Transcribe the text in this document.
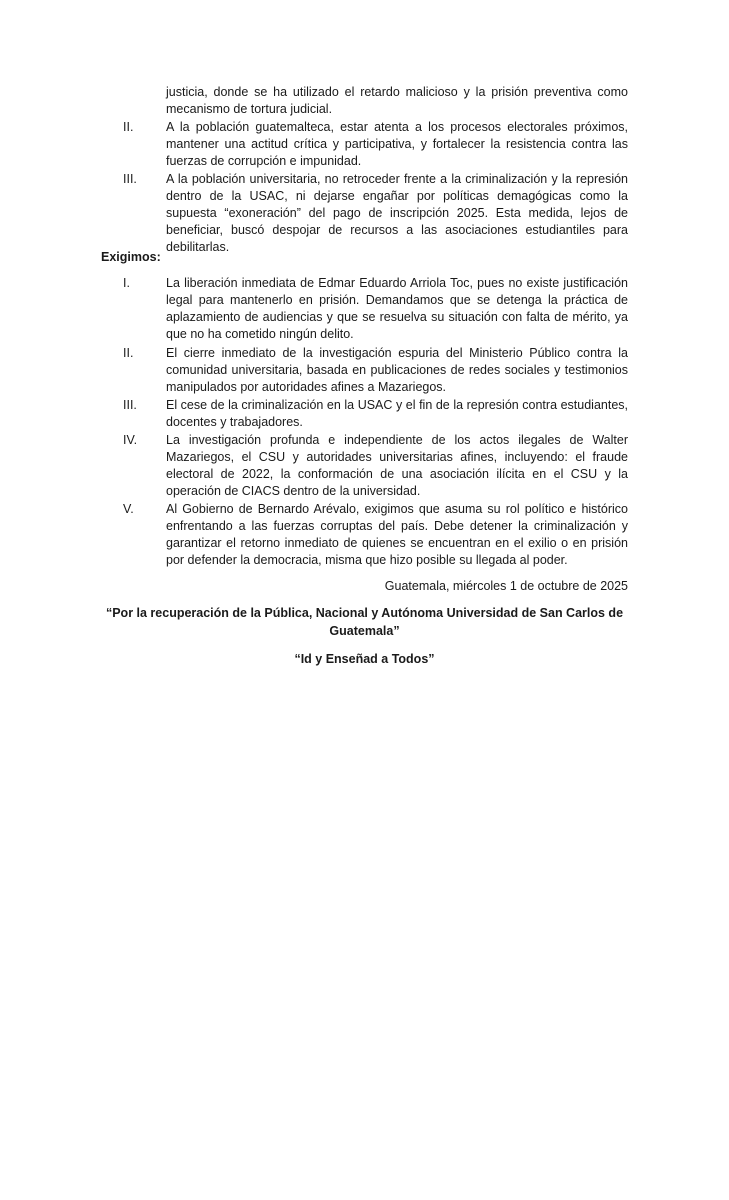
justicia, donde se ha utilizado el retardo malicioso y la prisión preventiva como mecanismo de tortura judicial.
II.	A la población guatemalteca, estar atenta a los procesos electorales próximos, mantener una actitud crítica y participativa, y fortalecer la resistencia contra las fuerzas de corrupción e impunidad.
III. A la población universitaria, no retroceder frente a la criminalización y la represión dentro de la USAC, ni dejarse engañar por políticas demagógicas como la supuesta “exoneración” del pago de inscripción 2025. Esta medida, lejos de beneficiar, buscó despojar de recursos a las asociaciones estudiantiles para debilitarlas.
Exigimos:
I.	La liberación inmediata de Edmar Eduardo Arriola Toc, pues no existe justificación legal para mantenerlo en prisión. Demandamos que se detenga la práctica de aplazamiento de audiencias y que se resuelva su situación con falta de mérito, ya que no ha cometido ningún delito.
II.	El cierre inmediato de la investigación espuria del Ministerio Público contra la comunidad universitaria, basada en publicaciones de redes sociales y testimonios manipulados por autoridades afines a Mazariegos.
III. El cese de la criminalización en la USAC y el fin de la represión contra estudiantes, docentes y trabajadores.
IV. La investigación profunda e independiente de los actos ilegales de Walter Mazariegos, el CSU y autoridades universitarias afines, incluyendo: el fraude electoral de 2022, la conformación de una asociación ilícita en el CSU y la operación de CIACS dentro de la universidad.
V.	Al Gobierno de Bernardo Arévalo, exigimos que asuma su rol político e histórico enfrentando a las fuerzas corruptas del país. Debe detener la criminalización y garantizar el retorno inmediato de quienes se encuentran en el exilio o en prisión por defender la democracia, misma que hizo posible su llegada al poder.
Guatemala, miércoles 1 de octubre de 2025
“Por la recuperación de la Pública, Nacional y Autónoma Universidad de San Carlos de Guatemala”
“Id y Enseñad a Todos”
